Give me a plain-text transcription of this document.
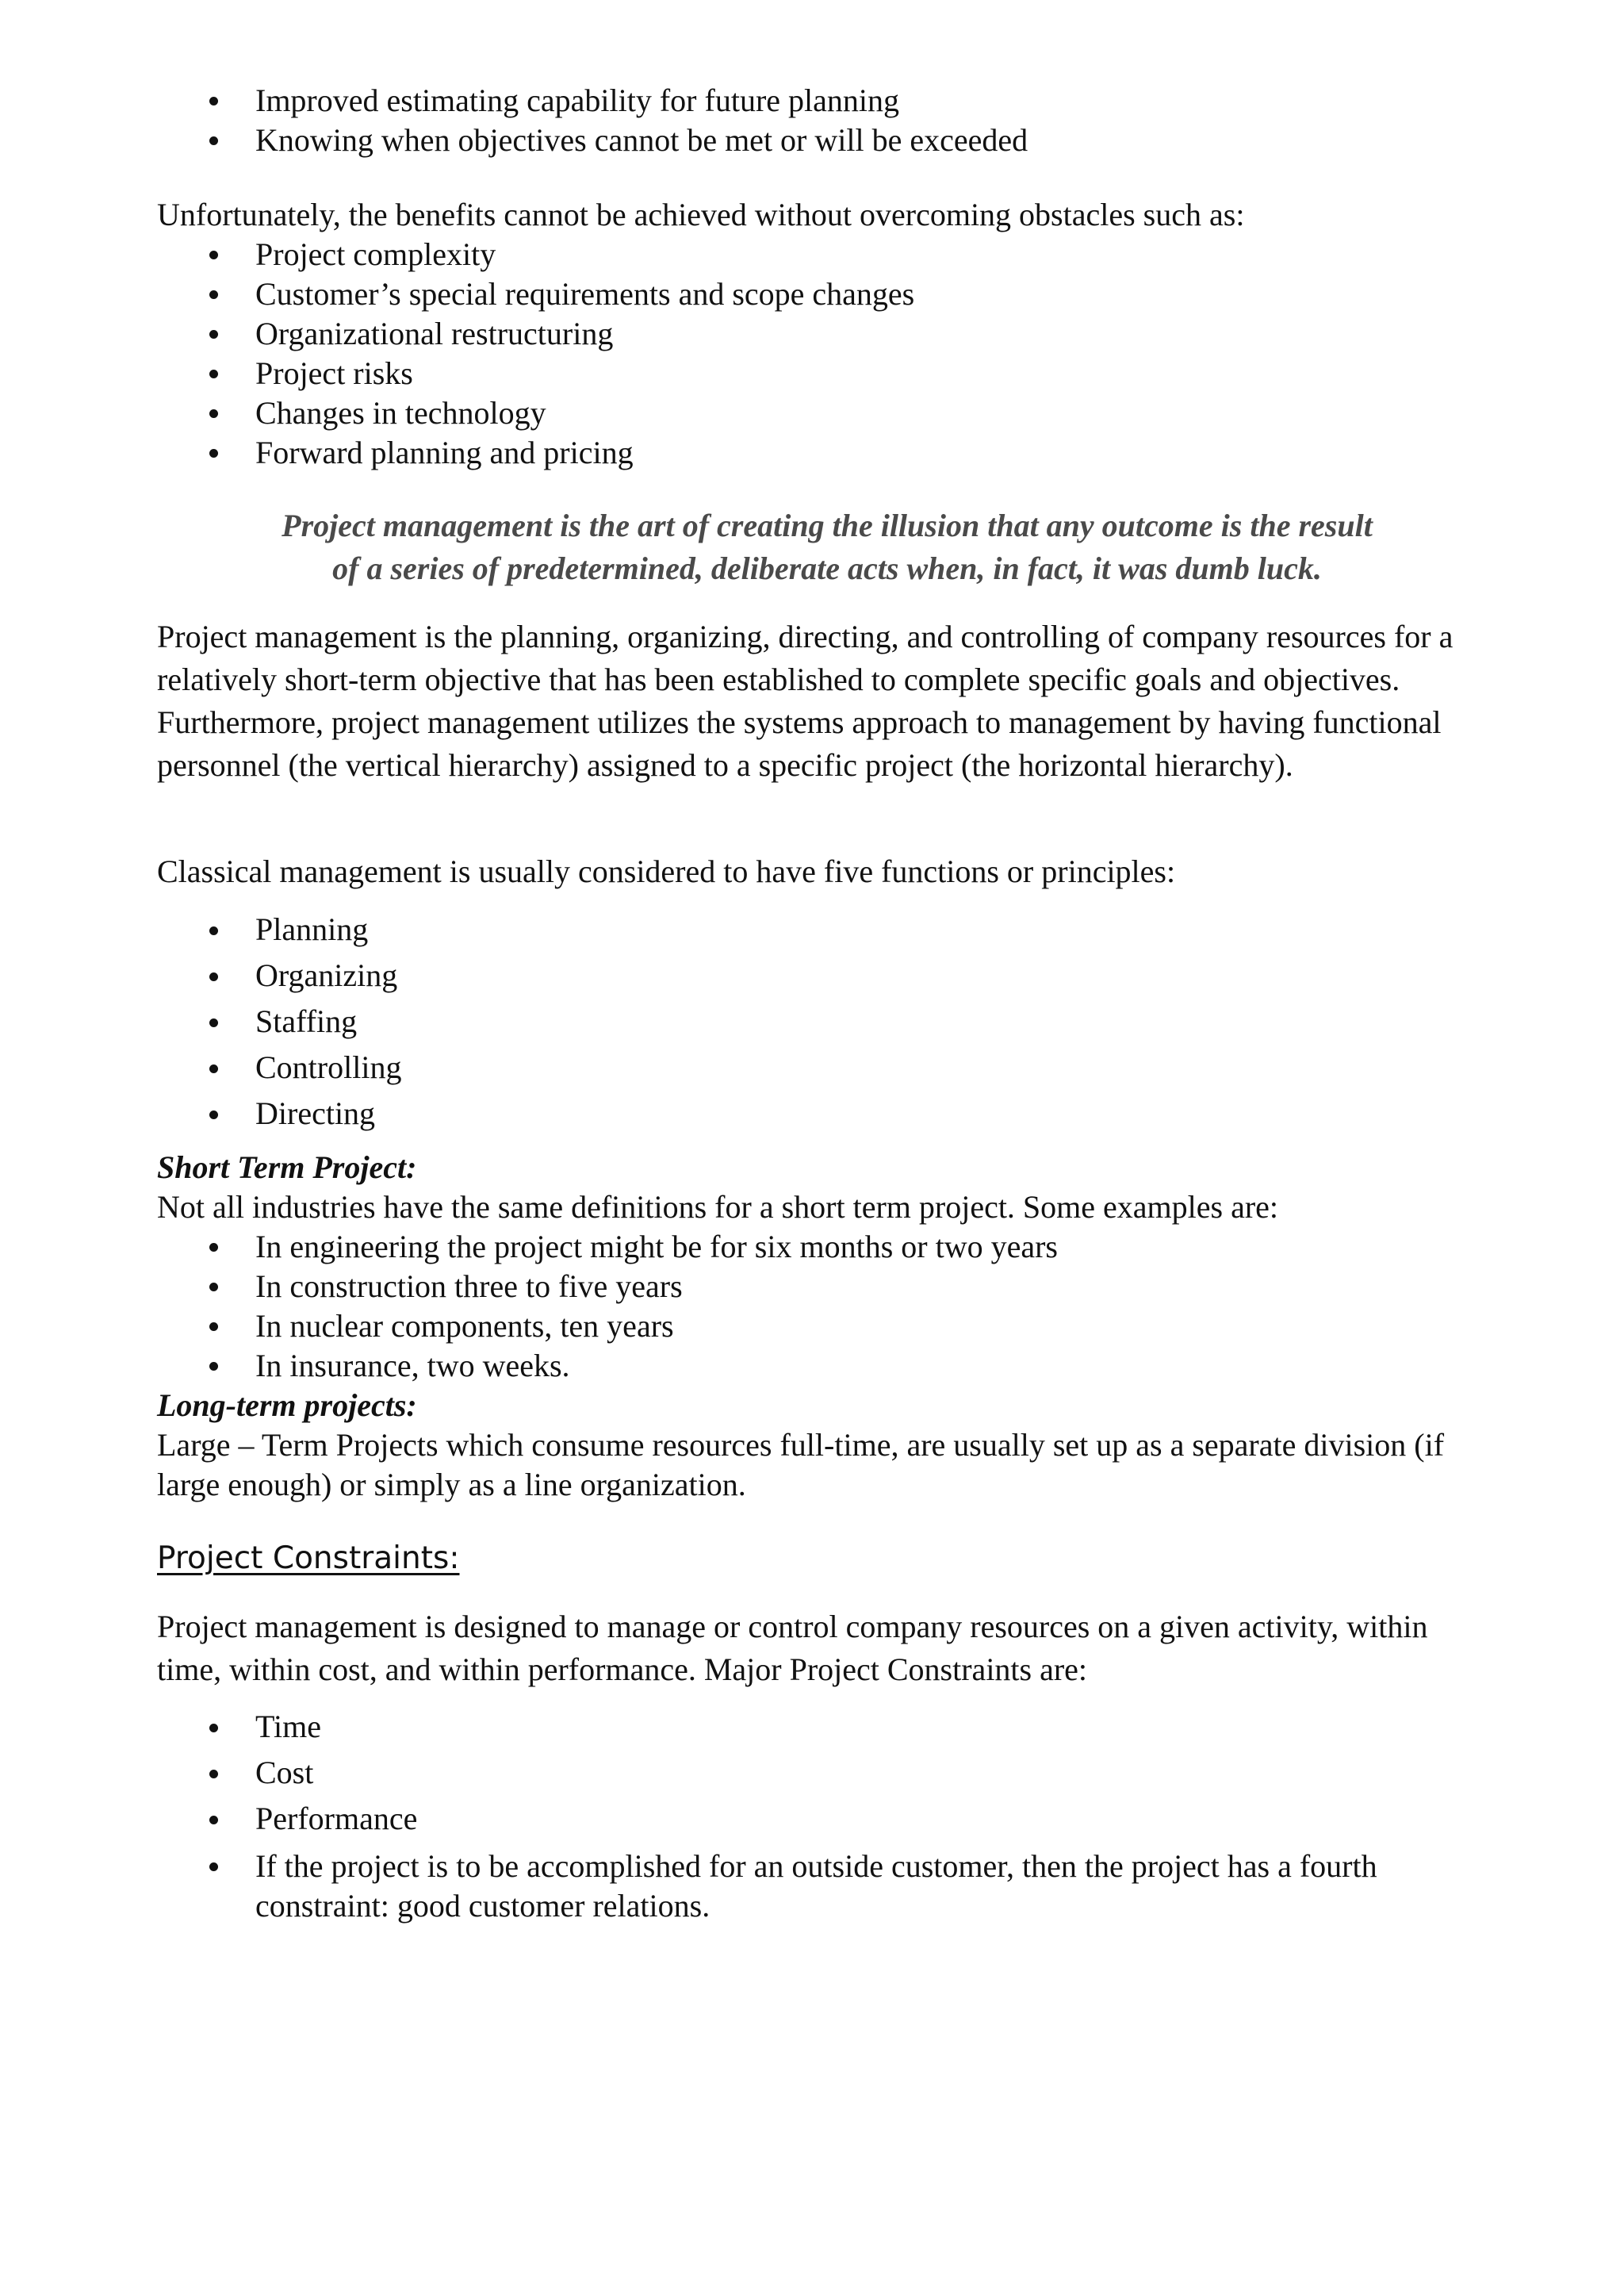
Improved estimating capability for future planning
Knowing when objectives cannot be met or will be exceeded

Unfortunately, the benefits cannot be achieved without overcoming obstacles such as:

Project complexity
Customer’s special requirements and scope changes
Organizational restructuring
Project risks
Changes in technology
Forward planning and pricing
Project management is the art of creating the illusion that any outcome is the result
of a series of predetermined, deliberate acts when, in fact, it was dumb luck.
Project management is the planning, organizing, directing, and controlling of company resources for a
relatively short-term objective that has been established to complete specific goals and objectives.
Furthermore, project management utilizes the systems approach to management by having functional
personnel (the vertical hierarchy) assigned to a specific project (the horizontal hierarchy).

Classical management is usually considered to have five functions or principles:

Planning
Organizing
Staffing
Controlling
Directing
Short Term Project:

Not all industries have the same definitions for a short term project. Some examples are:

In engineering the project might be for six months or two years
In construction three to five years
In nuclear components, ten years
In insurance, two weeks.
Long-term projects:
Large – Term Projects which consume resources full-time, are usually set up as a separate division (if
large enough) or simply as a line organization.
Project Constraints:
Project management is designed to manage or control company resources on a given activity, within
time, within cost, and within performance. Major Project Constraints are:
Time
Cost
Performance
If the project is to be accomplished for an outside customer, then the project has a fourth
constraint: good customer relations.
